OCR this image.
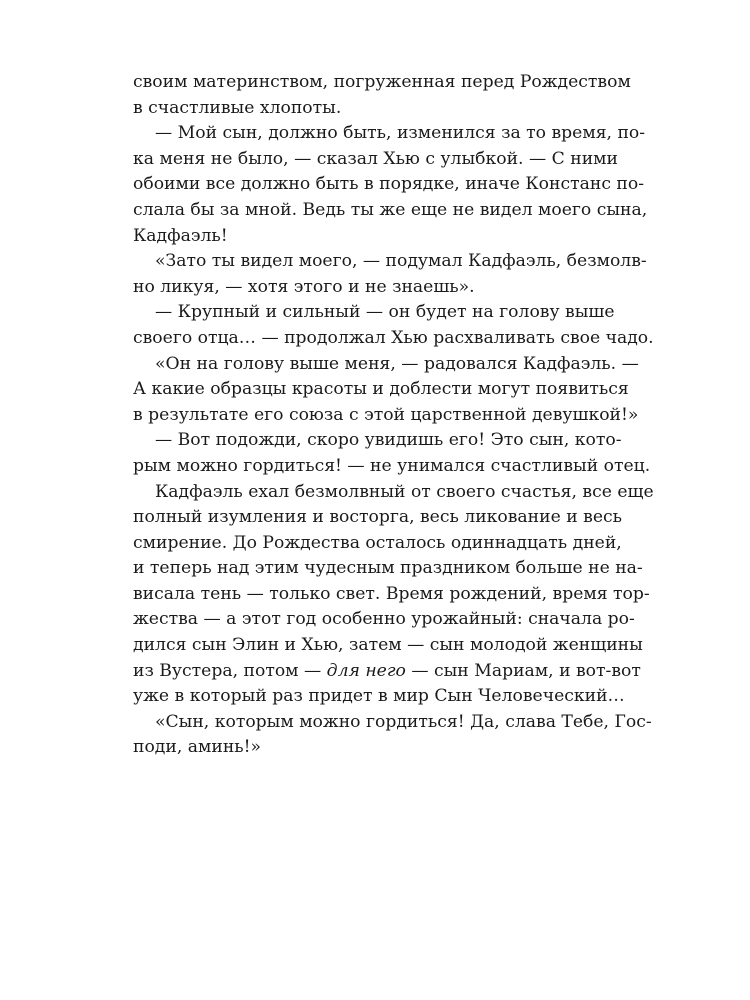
своим материнством, погруженная перед Рождеством
в счастливые хлопоты.
— Мой сын, должно быть, изменился за то время, по-
ка меня не было, — сказал Хью с улыбкой. — С ними
обоими все должно быть в порядке, иначе Констанс по-
слала бы за мной. Ведь ты же еще не видел моего сына,
Кадфаэль!
«Зато ты видел моего, — подумал Кадфаэль, безмолв-
но ликуя, — хотя этого и не знаешь».
— Крупный и сильный — он будет на голову выше
своего отца… — продолжал Хью расхваливать свое чадо.
«Он на голову выше меня, — радовался Кадфаэль. —
А какие образцы красоты и доблести могут появиться
в результате его союза с этой царственной девушкой!»
— Вот подожди, скоро увидишь его! Это сын, кото-
рым можно гордиться! — не унимался счастливый отец.
Кадфаэль ехал безмолвный от своего счастья, все еще
полный изумления и восторга, весь ликование и весь
смирение. До Рождества осталось одиннадцать дней,
и теперь над этим чудесным праздником больше не на-
висала тень — только свет. Время рождений, время тор-
жества — а этот год особенно урожайный: сначала ро-
дился сын Элин и Хью, затем — сын молодой женщины
из Вустера, потом — для него — сын Мариам, и вот-вот
уже в который раз придет в мир Сын Человеческий…
«Сын, которым можно гордиться! Да, слава Тебе, Гос-
поди, аминь!»
